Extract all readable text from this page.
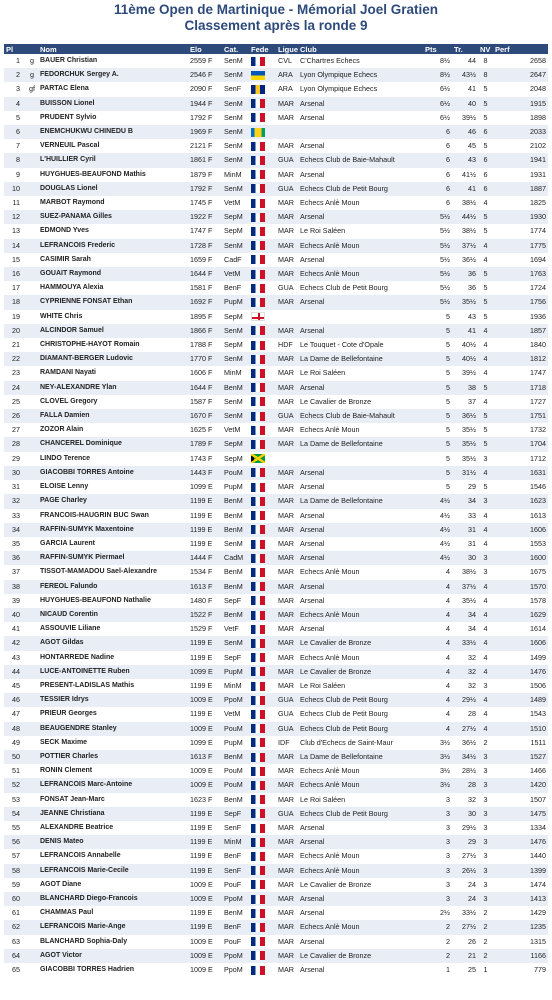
11ème Open de Martinique - Mémorial Joel Gratien
Classement après la ronde 9
Pl		Nom	Elo	Cat.	Fede	Ligue	Club	Pts	Tr.	NV	Perf
1	g	BAUER Christian	2559 F	SenM		CVL	C'Chartres Echecs	8½	44	8	2658
2	g	FEDORCHUK Sergey A.	2546 F	SenM		ARA	Lyon Olympique Echecs	8½	43½	8	2647
3	gf	PARTAC Elena	2090 F	SenF		ARA	Lyon Olympique Echecs	6½	41	5	2048
4		BUISSON Lionel	1944 F	SenM		MAR	Arsenal	6½	40	5	1915
5		PRUDENT Sylvio	1792 F	SenM		MAR	Arsenal	6½	39½	5	1898
6		ENEMCHUKWU CHINEDU B	1969 F	SenM				6	46	6	2033
7		VERNEUIL Pascal	2121 F	SenM		MAR	Arsenal	6	45	5	2102
8		L'HUILLIER Cyril	1861 F	SenM		GUA	Echecs Club de Baie-Mahault	6	43	6	1941
9		HUYGHUES-BEAUFOND Mathis	1879 F	MinM		MAR	Arsenal	6	41½	6	1931
10		DOUGLAS Lionel	1792 F	SenM		GUA	Echecs Club de Petit Bourg	6	41	6	1887
11		MARBOT Raymond	1745 F	VetM		MAR	Echecs Anlè Moun	6	38½	4	1825
12		SUEZ-PANAMA Gilles	1922 F	SepM		MAR	Arsenal	5½	44½	5	1930
13		EDMOND Yves	1747 F	SepM		MAR	Le Roi Saléen	5½	38½	5	1774
14		LEFRANCOIS Frederic	1728 F	SenM		MAR	Echecs Anlè Moun	5½	37½	4	1775
15		CASIMIR Sarah	1659 F	CadF		MAR	Arsenal	5½	36½	4	1694
16		GOUAIT Raymond	1644 F	VetM		MAR	Echecs Anlè Moun	5½	36	5	1763
17		HAMMOUYA Alexia	1581 F	BenF		GUA	Echecs Club de Petit Bourg	5½	36	5	1724
18		CYPRIENNE FONSAT Ethan	1692 F	PupM		MAR	Arsenal	5½	35½	5	1756
19		WHITE Chris	1895 F	SepM				5	43	5	1936
20		ALCINDOR Samuel	1866 F	SenM		MAR	Arsenal	5	41	4	1857
21		CHRISTOPHE-HAYOT Romain	1788 F	SepM		HDF	Le Touquet - Cote d'Opale	5	40½	4	1840
22		DIAMANT-BERGER Ludovic	1770 F	SenM		MAR	La Dame de Bellefontaine	5	40½	4	1812
23		RAMDANI Nayati	1606 F	MinM		MAR	Le Roi Saléen	5	39½	4	1747
24		NEY-ALEXANDRE Ylan	1644 F	BenM		MAR	Arsenal	5	38	5	1718
25		CLOVEL Gregory	1587 F	SenM		MAR	Le Cavalier de Bronze	5	37	4	1727
26		FALLA Damien	1670 F	SenM		GUA	Echecs Club de Baie-Mahault	5	36½	5	1751
27		ZOZOR Alain	1625 F	VetM		MAR	Echecs Anlè Moun	5	35½	5	1732
28		CHANCEREL Dominique	1789 F	SepM		MAR	La Dame de Bellefontaine	5	35½	5	1704
29		LINDO Terence	1743 F	SepM				5	35½	3	1712
30		GIACOBBI TORRES Antoine	1443 F	PouM		MAR	Arsenal	5	31½	4	1631
31		ELOISE Lenny	1099 E	PupM		MAR	Arsenal	5	29	5	1546
32		PAGE Charley	1199 E	BenM		MAR	La Dame de Bellefontaine	4½	34	3	1623
33		FRANCOIS-HAUGRIN BUC Swan	1199 E	BenM		MAR	Arsenal	4½	33	4	1613
34		RAFFIN-SUMYK Maxentoine	1199 E	BenM		MAR	Arsenal	4½	31	4	1606
35		GARCIA Laurent	1199 E	SenM		MAR	Arsenal	4½	31	4	1553
36		RAFFIN-SUMYK Piermael	1444 F	CadM		MAR	Arsenal	4½	30	3	1600
37		TISSOT-MAMADOU Sael-Alexandre	1534 F	BenM		MAR	Echecs Anlè Moun	4	38½	3	1675
38		FEREOL Falundo	1613 F	BenM		MAR	Arsenal	4	37½	4	1570
39		HUYGHUES-BEAUFOND Nathalie	1480 F	SepF		MAR	Arsenal	4	35½	4	1578
40		NICAUD Corentin	1522 F	BenM		MAR	Echecs Anlè Moun	4	34	4	1629
41		ASSOUVIE Liliane	1529 F	VetF		MAR	Arsenal	4	34	4	1614
42		AGOT Gildas	1199 E	SenM		MAR	Le Cavalier de Bronze	4	33½	4	1606
43		HONTARREDE Nadine	1199 E	SepF		MAR	Echecs Anlè Moun	4	32	4	1499
44		LUCE-ANTOINETTE Ruben	1099 E	PupM		MAR	Le Cavalier de Bronze	4	32	4	1476
45		PRESENT-LADISLAS Mathis	1199 E	MinM		MAR	Le Roi Saléen	4	32	3	1506
46		TESSIER Idrys	1009 E	PpoM		GUA	Echecs Club de Petit Bourg	4	29½	4	1489
47		PRIEUR Georges	1199 E	VetM		GUA	Echecs Club de Petit Bourg	4	28	4	1543
48		BEAUGENDRE Stanley	1009 E	PouM		GUA	Echecs Club de Petit Bourg	4	27½	4	1510
49		SECK Maxime	1099 E	PupM		IDF	Club d'Echecs de Saint-Maur	3½	36½	2	1511
50		POTTIER Charles	1613 F	BenM		MAR	La Dame de Bellefontaine	3½	34½	3	1527
51		RONIN Clement	1009 E	PouM		MAR	Echecs Anlè Moun	3½	28½	3	1466
52		LEFRANCOIS Marc-Antoine	1009 E	PouM		MAR	Echecs Anlè Moun	3½	28	3	1420
53		FONSAT Jean-Marc	1623 F	BenM		MAR	Le Roi Saléen	3	32	3	1507
54		JEANNE Christiana	1199 E	SepF		GUA	Echecs Club de Petit Bourg	3	30	3	1475
55		ALEXANDRE Beatrice	1199 E	SenF		MAR	Arsenal	3	29½	3	1334
56		DENIS Mateo	1199 E	MinM		MAR	Arsenal	3	29	3	1476
57		LEFRANCOIS Annabelle	1199 E	BenF		MAR	Echecs Anlè Moun	3	27½	3	1440
58		LEFRANCOIS Marie-Cecile	1199 E	SenF		MAR	Echecs Anlè Moun	3	26½	3	1399
59		AGOT Diane	1009 E	PouF		MAR	Le Cavalier de Bronze	3	24	3	1474
60		BLANCHARD Diego-Francois	1009 E	PpoM		MAR	Arsenal	3	24	3	1413
61		CHAMMAS Paul	1199 E	BenM		MAR	Arsenal	2½	33½	2	1429
62		LEFRANCOIS Marie-Ange	1199 E	BenF		MAR	Echecs Anlè Moun	2	27½	2	1235
63		BLANCHARD Sophia-Daly	1009 E	PouF		MAR	Arsenal	2	26	2	1315
64		AGOT Victor	1009 E	PpoM		MAR	Le Cavalier de Bronze	2	21	2	1166
65		GIACOBBI TORRES Hadrien	1009 E	PpoM		MAR	Arsenal	1	25	1	779
